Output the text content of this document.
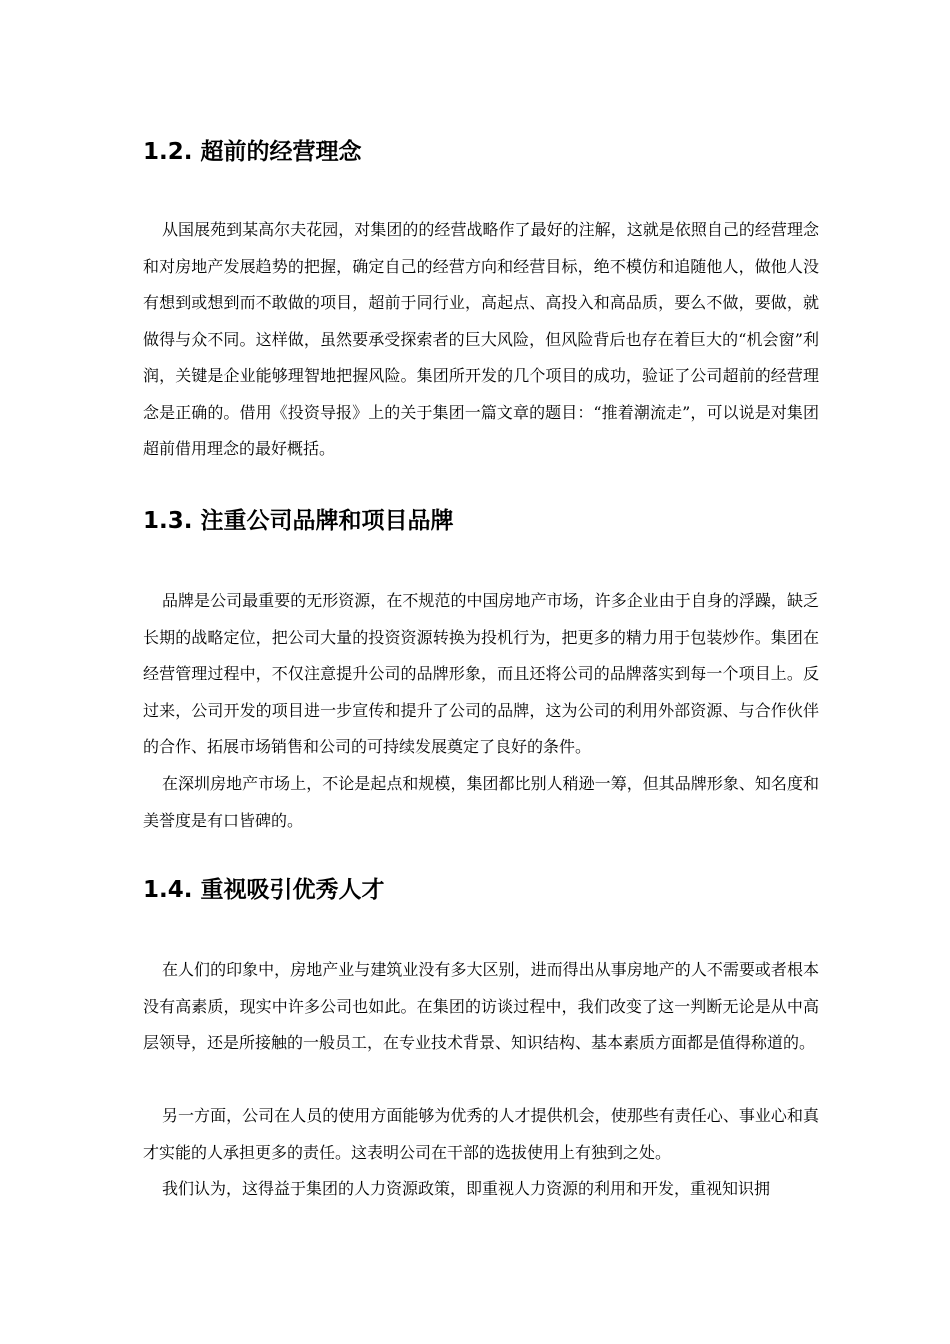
1.2. 超前的经营理念

从国展苑到某高尔夫花园，对集团的的经营战略作了最好的注解，这就是依照自己的经营理念和对房地产发展趋势的把握，确定自己的经营方向和经营目标，绝不模仿和追随他人，做他人没有想到或想到而不敢做的项目，超前于同行业，高起点、高投入和高品质，要么不做，要做，就做得与众不同。这样做，虽然要承受探索者的巨大风险，但风险背后也存在着巨大的“机会窗”利润，关键是企业能够理智地把握风险。集团所开发的几个项目的成功，验证了公司超前的经营理念是正确的。借用《投资导报》上的关于集团一篇文章的题目：“推着潮流走”，可以说是对集团超前借用理念的最好概括。

1.3. 注重公司品牌和项目品牌

品牌是公司最重要的无形资源，在不规范的中国房地产市场，许多企业由于自身的浮躁，缺乏长期的战略定位，把公司大量的投资资源转换为投机行为，把更多的精力用于包装炒作。集团在经营管理过程中，不仅注意提升公司的品牌形象，而且还将公司的品牌落实到每一个项目上。反过来，公司开发的项目进一步宣传和提升了公司的品牌，这为公司的利用外部资源、与合作伙伴的合作、拓展市场销售和公司的可持续发展奠定了良好的条件。

在深圳房地产市场上，不论是起点和规模，集团都比别人稍逊一筹，但其品牌形象、知名度和美誉度是有口皆碑的。

1.4. 重视吸引优秀人才

在人们的印象中，房地产业与建筑业没有多大区别，进而得出从事房地产的人不需要或者根本没有高素质，现实中许多公司也如此。在集团的访谈过程中，我们改变了这一判断无论是从中高层领导，还是所接触的一般员工，在专业技术背景、知识结构、基本素质方面都是值得称道的。

另一方面，公司在人员的使用方面能够为优秀的人才提供机会，使那些有责任心、事业心和真才实能的人承担更多的责任。这表明公司在干部的选拔使用上有独到之处。

我们认为，这得益于集团的人力资源政策，即重视人力资源的利用和开发，重视知识拥
